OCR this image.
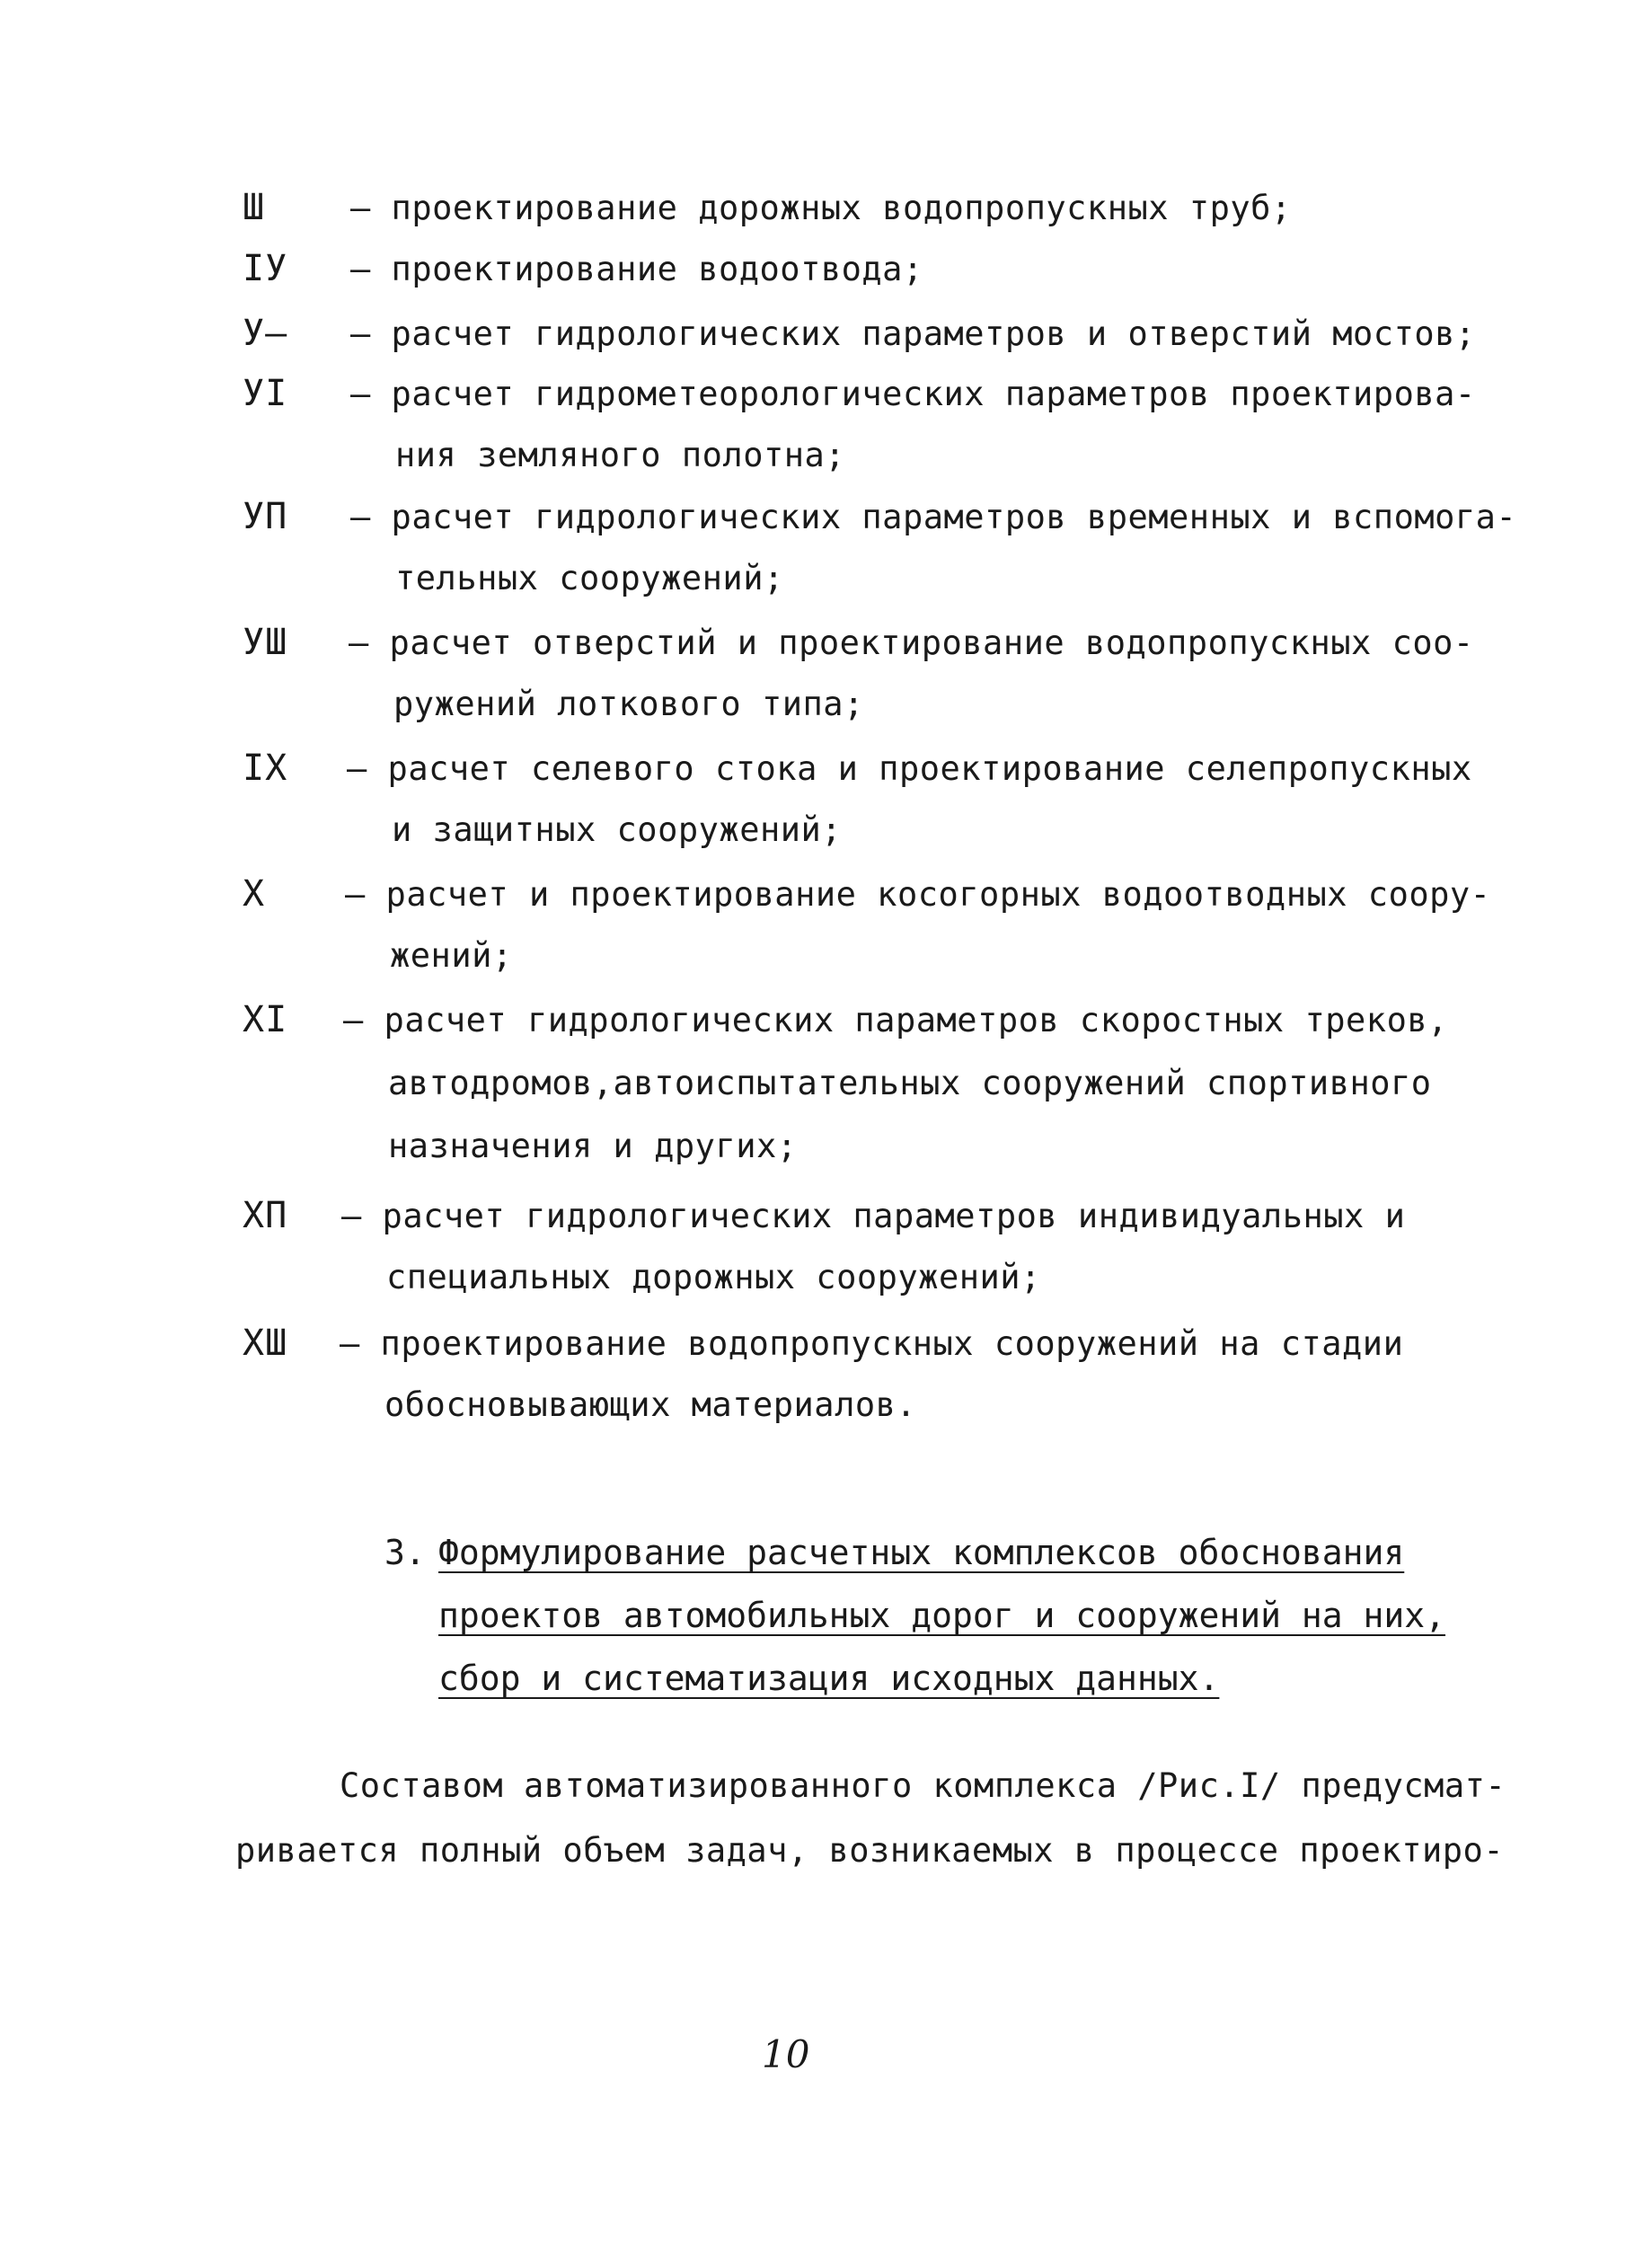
Ш	– проектирование дорожных водопропускных труб;
IУ – проектирование водоотвода;
У– – расчет гидрологических параметров и отверстий мостов;
УI – расчет гидрометеорологических параметров проектирова-
ния земляного полотна;
УП – расчет гидрологических параметров временных и вспомога-
тельных сооружений;
УШ – расчет отверстий и проектирование водопропускных соо-
ружений лоткового типа;
IX – расчет селевого стока и проектирование селепропускных
и защитных сооружений;
X – расчет и проектирование косогорных водоотводных соору-
жений;
XI – расчет гидрологических параметров скоростных треков,
автодромов,автоиспытательных сооружений спортивного
назначения и других;
XП – расчет гидрологических параметров индивидуальных и
специальных дорожных сооружений;
XШ – проектирование водопропускных сооружений на стадии
обосновывающих материалов.
3. Формулирование расчетных комплексов обоснования
проектов автомобильных дорог и сооружений на них,
сбор и систематизация исходных данных.
Составом автоматизированного комплекса /Рис.I/ предусмат-
ривается полный объем задач, возникаемых в процессе проектиро-
10
